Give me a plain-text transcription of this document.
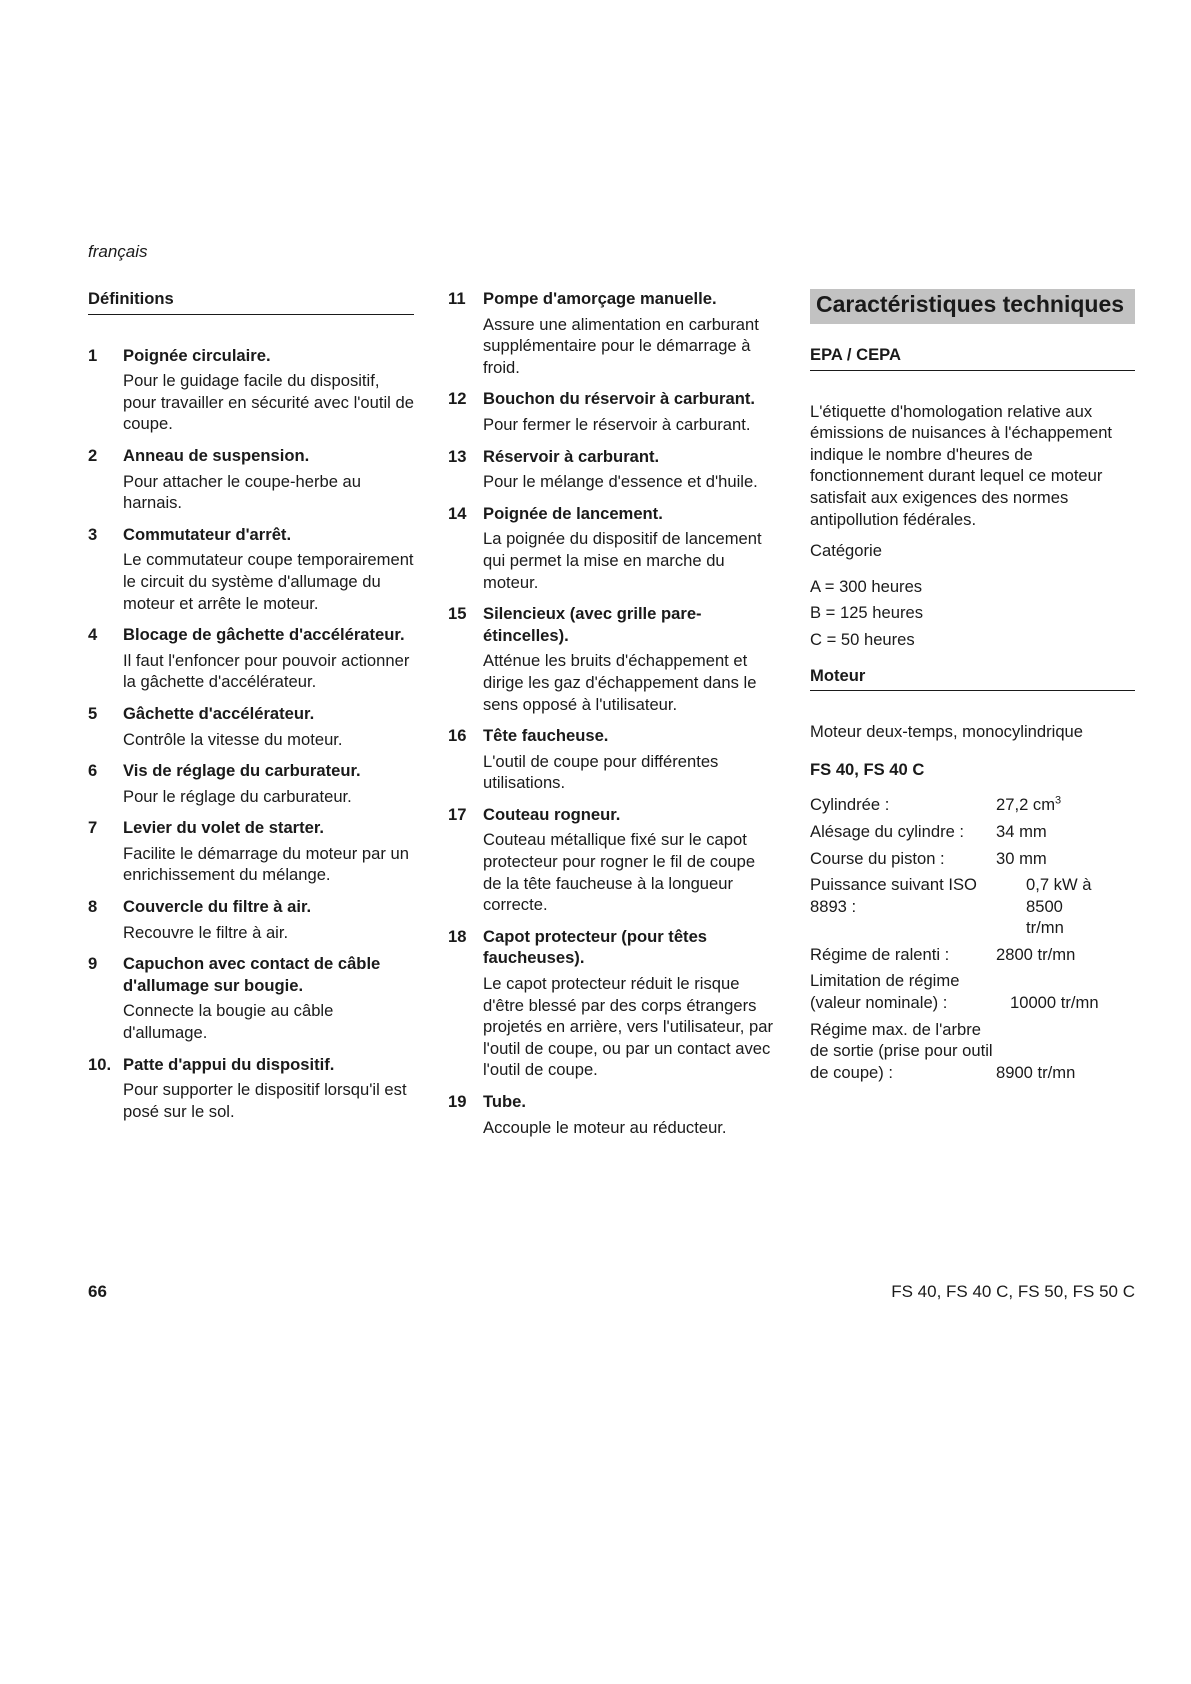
français
Définitions
1	Poignée circulaire.
Pour le guidage facile du dispositif, pour travailler en sécurité avec l'outil de coupe.
2	Anneau de suspension.
Pour attacher le coupe-herbe au harnais.
3	Commutateur d'arrêt.
Le commutateur coupe temporairement le circuit du système d'allumage du moteur et arrête le moteur.
4	Blocage de gâchette d'accélérateur.
Il faut l'enfoncer pour pouvoir actionner la gâchette d'accélérateur.
5	Gâchette d'accélérateur.
Contrôle la vitesse du moteur.
6	Vis de réglage du carburateur.
Pour le réglage du carburateur.
7	Levier du volet de starter.
Facilite le démarrage du moteur par un enrichissement du mélange.
8	Couvercle du filtre à air.
Recouvre le filtre à air.
9	Capuchon avec contact de câble d'allumage sur bougie.
Connecte la bougie au câble d'allumage.
10. Patte d'appui du dispositif.
Pour supporter le dispositif lorsqu'il est posé sur le sol.
11	Pompe d'amorçage manuelle.
Assure une alimentation en carburant supplémentaire pour le démarrage à froid.
12 Bouchon du réservoir à carburant.
Pour fermer le réservoir à carburant.
13 Réservoir à carburant.
Pour le mélange d'essence et d'huile.
14 Poignée de lancement.
La poignée du dispositif de lancement qui permet la mise en marche du moteur.
15 Silencieux (avec grille pare-étincelles).
Atténue les bruits d'échappement et dirige les gaz d'échappement dans le sens opposé à l'utilisateur.
16 Tête faucheuse.
L'outil de coupe pour différentes utilisations.
17 Couteau rogneur.
Couteau métallique fixé sur le capot protecteur pour rogner le fil de coupe de la tête faucheuse à la longueur correcte.
18 Capot protecteur (pour têtes faucheuses).
Le capot protecteur réduit le risque d'être blessé par des corps étrangers projetés en arrière, vers l'utilisateur, par l'outil de coupe, ou par un contact avec l'outil de coupe.
19 Tube.
Accouple le moteur au réducteur.
Caractéristiques techniques
EPA / CEPA
L'étiquette d'homologation relative aux émissions de nuisances à l'échappement indique le nombre d'heures de fonctionnement durant lequel ce moteur satisfait aux exigences des normes antipollution fédérales.
Catégorie
A = 300 heures
B = 125 heures
C = 50 heures
Moteur
Moteur deux-temps, monocylindrique
FS 40, FS 40 C
Cylindrée :	27,2 $cm^3$
Alésage du cylindre :	34 mm
Course du piston :	30 mm
Puissance suivant ISO 8893 :
0,7 kW à 8500 tr/mn
Régime de ralenti :	2800 tr/mn
Limitation de régime (valeur nominale) :	10000 tr/mn
Régime max. de l'arbre de sortie (prise pour outil de coupe) :	8900 tr/mn
66	FS 40, FS 40 C, FS 50, FS 50 C
